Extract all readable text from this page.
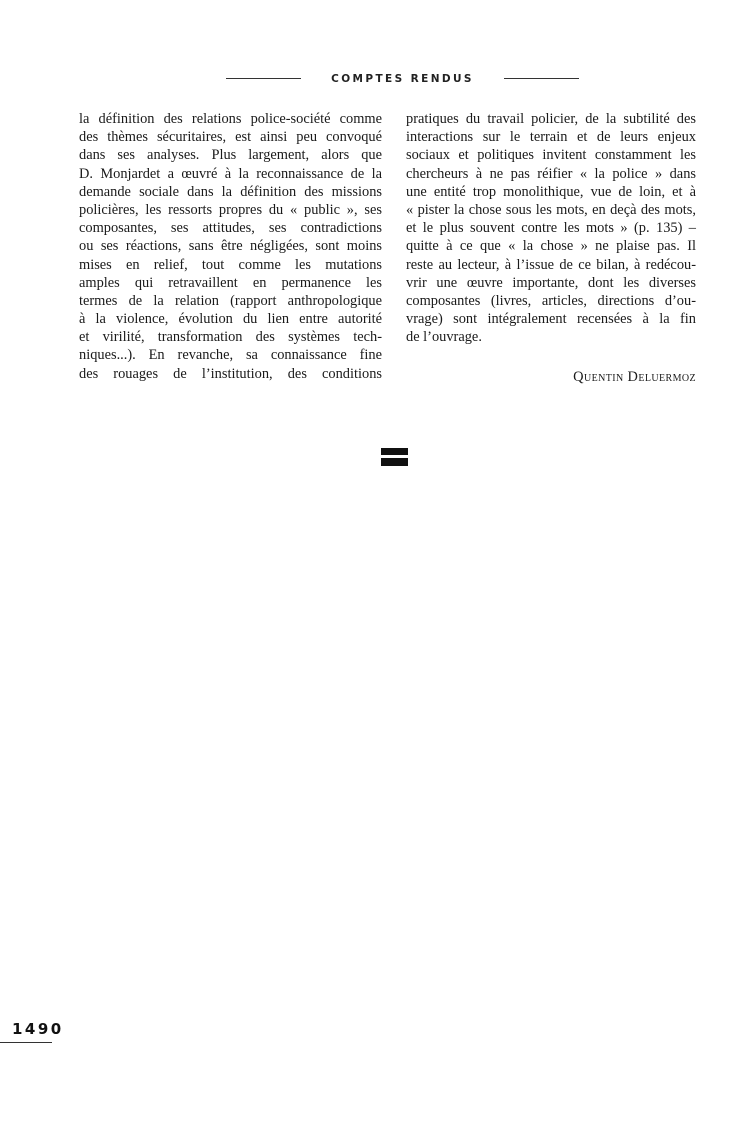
COMPTES RENDUS
la définition des relations police-société comme
des thèmes sécuritaires, est ainsi peu convoqué
dans ses analyses. Plus largement, alors que
D. Monjardet a œuvré à la reconnaissance de la
demande sociale dans la définition des missions
policières, les ressorts propres du « public », ses
composantes, ses attitudes, ses contradictions
ou ses réactions, sans être négligées, sont moins
mises en relief, tout comme les mutations
amples qui retravaillent en permanence les
termes de la relation (rapport anthropologique
à la violence, évolution du lien entre autorité
et virilité, transformation des systèmes tech-
niques...). En revanche, sa connaissance fine
des rouages de l’institution, des conditions
pratiques du travail policier, de la subtilité des
interactions sur le terrain et de leurs enjeux
sociaux et politiques invitent constamment les
chercheurs à ne pas réifier « la police » dans
une entité trop monolithique, vue de loin, et à
« pister la chose sous les mots, en deçà des mots,
et le plus souvent contre les mots » (p. 135) –
quitte à ce que « la chose » ne plaise pas. Il
reste au lecteur, à l’issue de ce bilan, à redécou-
vrir une œuvre importante, dont les diverses
composantes (livres, articles, directions d’ou-
vrage) sont intégralement recensées à la fin
de l’ouvrage.
Quentin Deluermoz
1490
